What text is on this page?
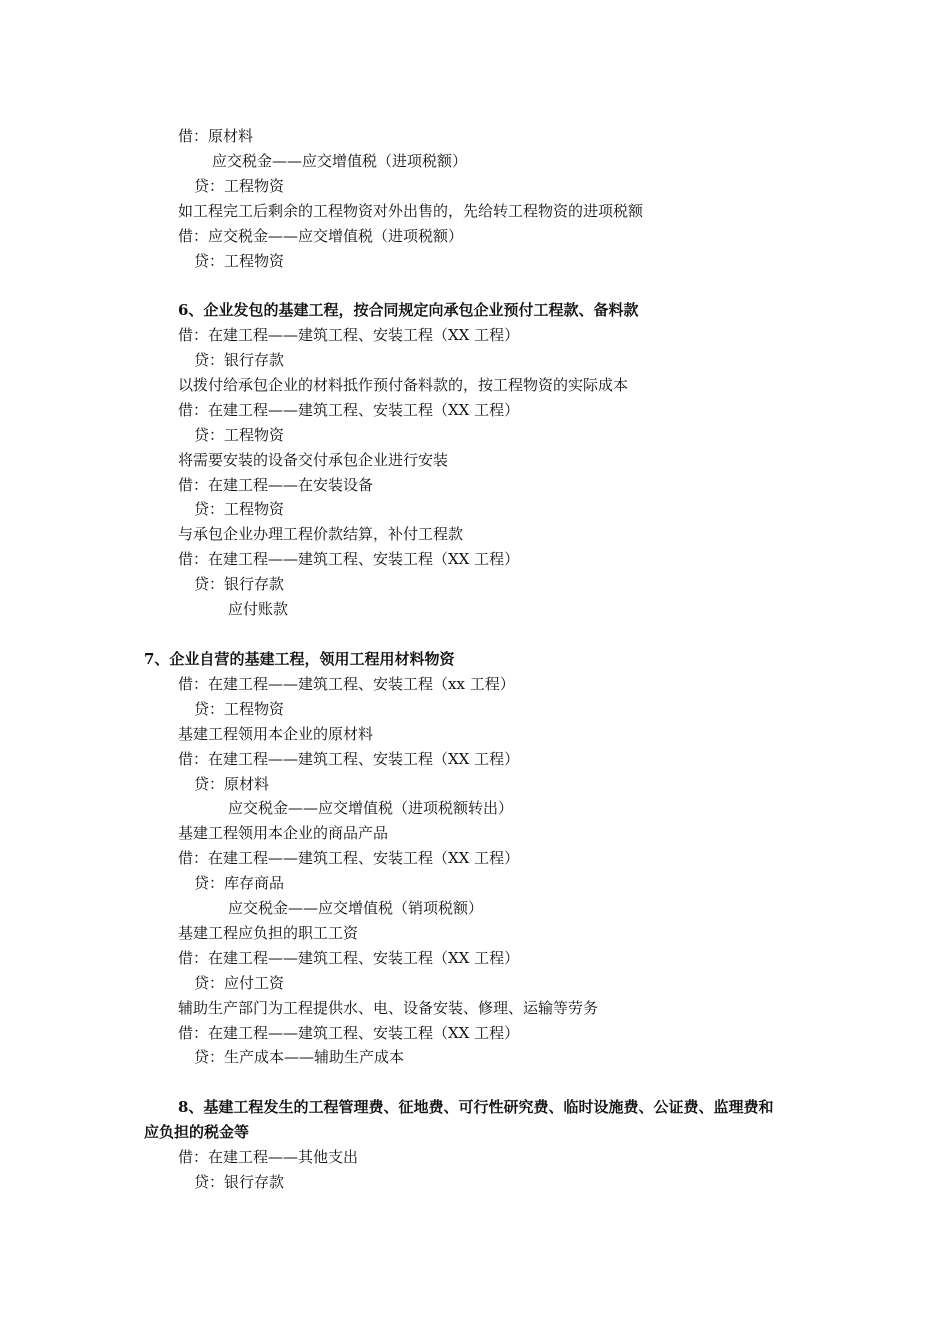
借：原材料
应交税金——应交增值税（进项税额）
贷：工程物资
如工程完工后剩余的工程物资对外出售的，先给转工程物资的进项税额
借：应交税金——应交增值税（进项税额）
贷：工程物资
6、企业发包的基建工程，按合同规定向承包企业预付工程款、备料款
借：在建工程——建筑工程、安装工程（XX 工程）
贷：银行存款
以拨付给承包企业的材料抵作预付备料款的，按工程物资的实际成本
借：在建工程——建筑工程、安装工程（XX 工程）
贷：工程物资
将需要安装的设备交付承包企业进行安装
借：在建工程——在安装设备
贷：工程物资
与承包企业办理工程价款结算，补付工程款
借：在建工程——建筑工程、安装工程（XX 工程）
贷：银行存款
应付账款
7、企业自营的基建工程，领用工程用材料物资
借：在建工程——建筑工程、安装工程（xx 工程）
贷：工程物资
基建工程领用本企业的原材料
借：在建工程——建筑工程、安装工程（XX 工程）
贷：原材料
应交税金——应交增值税（进项税额转出）
基建工程领用本企业的商品产品
借：在建工程——建筑工程、安装工程（XX 工程）
贷：库存商品
应交税金——应交增值税（销项税额）
基建工程应负担的职工工资
借：在建工程——建筑工程、安装工程（XX 工程）
贷：应付工资
辅助生产部门为工程提供水、电、设备安装、修理、运输等劳务
借：在建工程——建筑工程、安装工程（XX 工程）
贷：生产成本——辅助生产成本
8、基建工程发生的工程管理费、征地费、可行性研究费、临时设施费、公证费、监理费和
应负担的税金等
借：在建工程——其他支出
贷：银行存款
